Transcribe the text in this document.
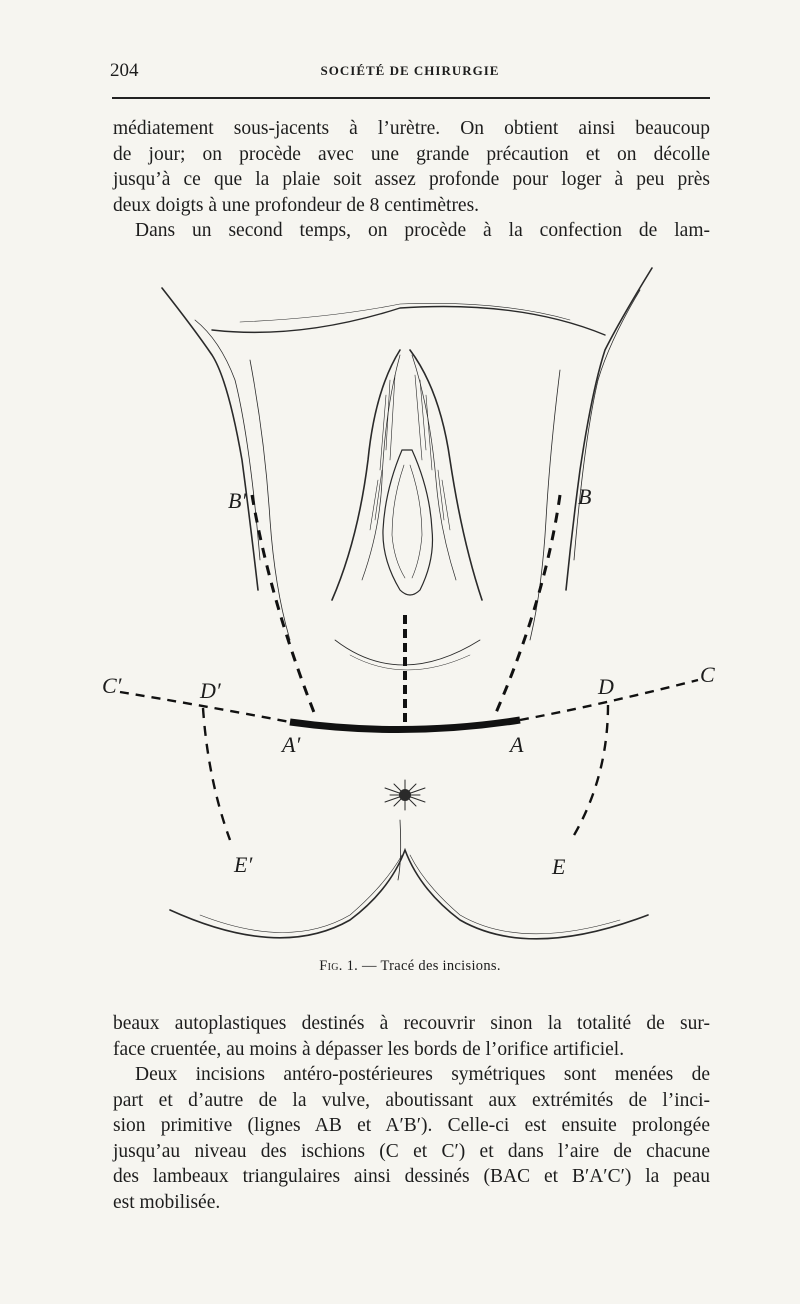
204	SOCIÉTÉ DE CHIRURGIE
médiatement sous-jacents à l’urètre. On obtient ainsi beaucoup
de jour; on procède avec une grande précaution et on décolle
jusqu’à ce que la plaie soit assez profonde pour loger à peu près
deux doigts à une profondeur de 8 centimètres.
Dans un second temps, on procède à la confection de lam-
B′	B
C′	C
D′	D
A′	A
E′	E
Fig. 1. — Tracé des incisions.
beaux autoplastiques destinés à recouvrir sinon la totalité de sur-
face cruentée, au moins à dépasser les bords de l’orifice artificiel.
Deux incisions antéro-postérieures symétriques sont menées de
part et d’autre de la vulve, aboutissant aux extrémités de l’inci-
sion primitive (lignes AB et A′B′). Celle-ci est ensuite prolongée
jusqu’au niveau des ischions (C et C′) et dans l’aire de chacune
des lambeaux triangulaires ainsi dessinés (BAC et B′A′C′) la peau
est mobilisée.
